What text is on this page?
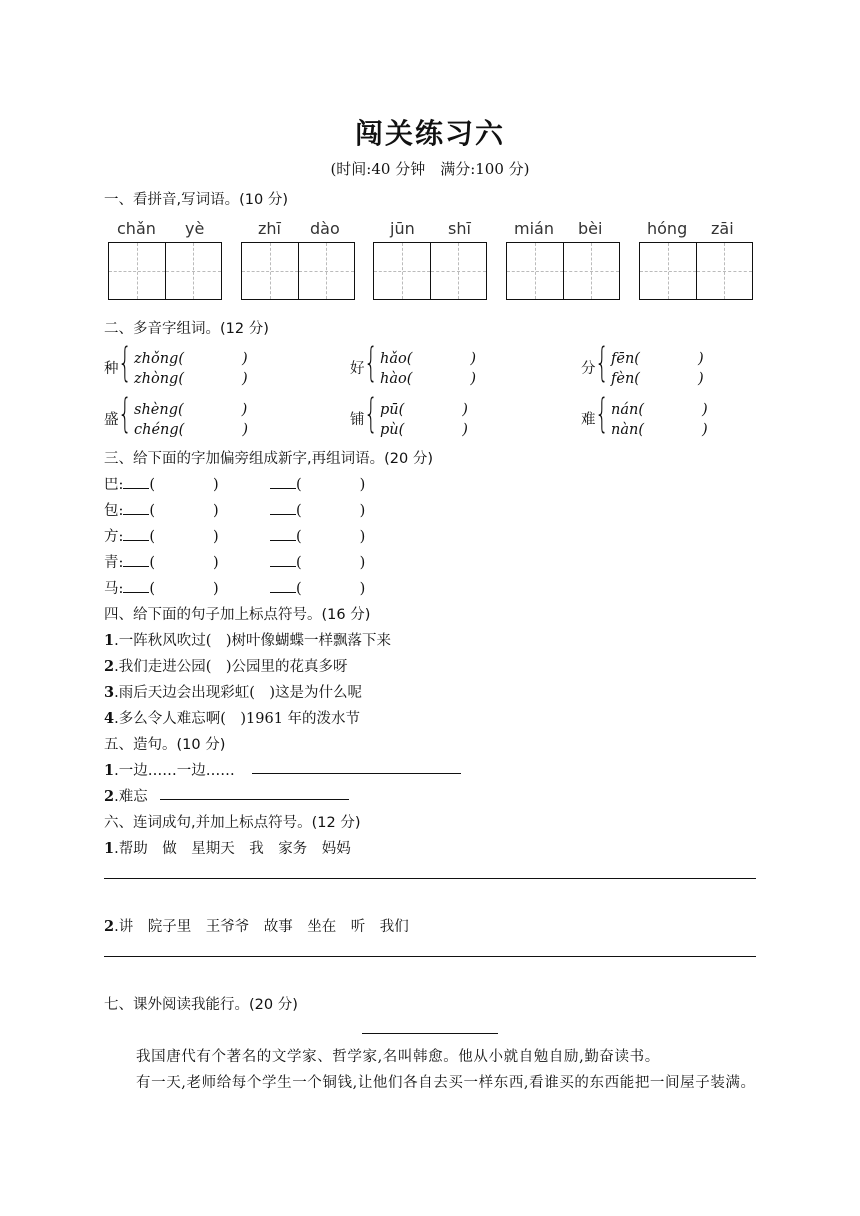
闯关练习六
(时间:40 分钟　满分:100 分)
一、看拼音,写词语。(10 分)
chǎn yè	zhī dào	jūn shī	mián bèi	hóng zāi
二、多音字组词。(12 分)
种 { zhǒng(　　　　)
zhòng(　　　　)
好 { hǎo(　　　　)
hào(　　　　)
分 { fēn(　　　　)
fèn(　　　　)
盛 { shèng(　　　　)
chéng(　　　　)
铺 { pū(　　　　)
pù(　　　　)
难 { nán(　　　　)
nàn(　　　　)
三、给下面的字加偏旁组成新字,再组词语。(20 分)
巴: (　　　　)	(　　　　)
包: (　　　　)	(　　　　)
方: (　　　　)	(　　　　)
青: (　　　　)	(　　　　)
马: (　　　　)	(　　　　)
四、给下面的句子加上标点符号。(16 分)
1.一阵秋风吹过(　)树叶像蝴蝶一样飘落下来
2.我们走进公园(　)公园里的花真多呀
3.雨后天边会出现彩虹(　)这是为什么呢
4.多么令人难忘啊(　)1961 年的泼水节
五、造句。(10 分)
1.一边……一边……
2.难忘
六、连词成句,并加上标点符号。(12 分)
1.帮助　做　星期天　我　家务　妈妈
2.讲　院子里　王爷爷　故事　坐在　听　我们
七、课外阅读我能行。(20 分)
我国唐代有个著名的文学家、哲学家,名叫韩愈。他从小就自勉自励,勤奋读书。
有一天,老师给每个学生一个铜钱,让他们各自去买一样东西,看谁买的东西能把一间屋子装满。
